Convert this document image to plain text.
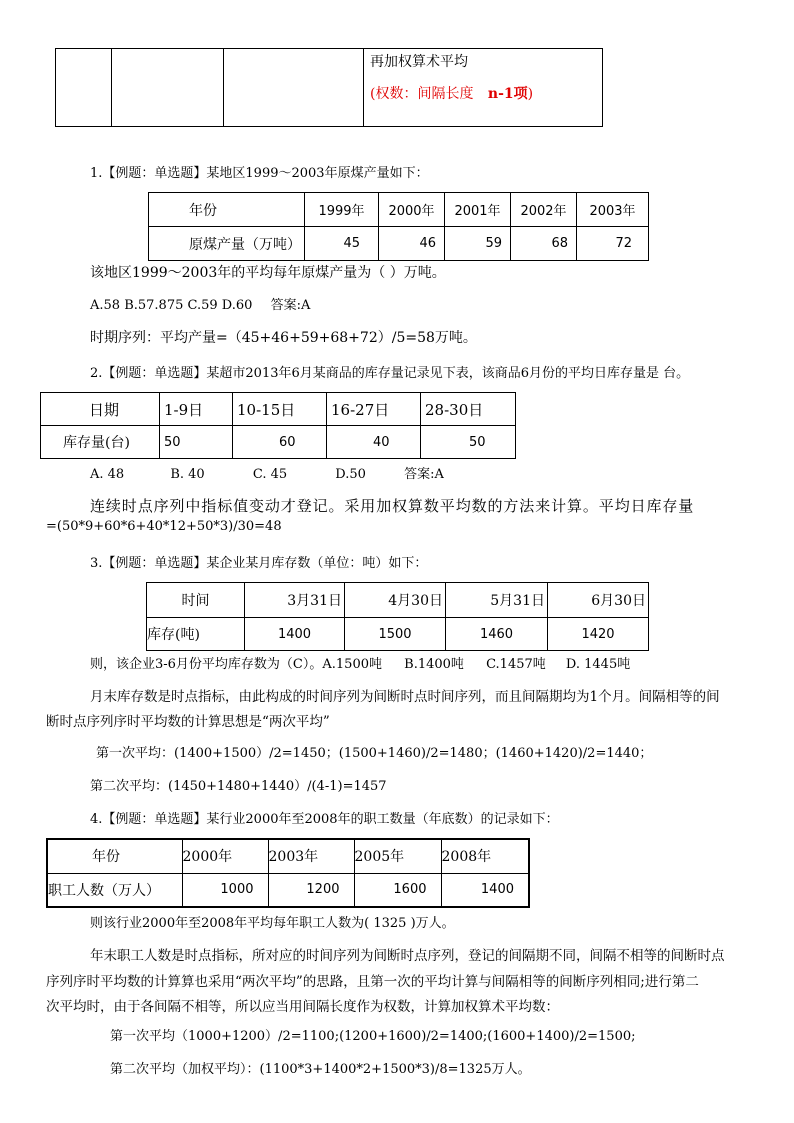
再加权算术平均
(权数：间隔长度 n-1项)
1.【例题：单选题】某地区1999～2003年原煤产量如下：
年份	1999年	2000年	2001年	2002年	2003年
原煤产量（万吨）	45	46	59	68	72
该地区1999～2003年的平均每年原煤产量为（ ）万吨。
A.58 B.57.875 C.59 D.60 答案:A
时期序列：平均产量=（45+46+59+68+72）/5=58万吨。
2.【例题：单选题】某超市2013年6月某商品的库存量记录见下表，该商品6月份的平均日库存量是 台。
日期	1-9日	10-15日	16-27日	28-30日
库存量(台)	50	60	40	50
A. 48	B. 40	C. 45	D.50	答案:A
连续时点序列中指标值变动才登记。采用加权算数平均数的方法来计算。平均日库存量
=(50*9+60*6+40*12+50*3)/30=48
3.【例题：单选题】某企业某月库存数（单位：吨）如下：
时间	3月31日	4月30日	5月31日	6月30日
库存(吨)	1400	1500	1460	1420
则，该企业3-6月份平均库存数为（C）。A.1500吨 B.1400吨 C.1457吨 D. 1445吨
月末库存数是时点指标，由此构成的时间序列为间断时点时间序列，而且间隔期均为1个月。间隔相等的间
断时点序列序时平均数的计算思想是“两次平均”
第一次平均：(1400+1500）/2=1450；(1500+1460)/2=1480；(1460+1420)/2=1440；
第二次平均：(1450+1480+1440）/(4-1)=1457
4.【例题：单选题】某行业2000年至2008年的职工数量（年底数）的记录如下：
年份	2000年	2003年	2005年	2008年
职工人数（万人）	1000	1200	1600	1400
则该行业2000年至2008年平均每年职工人数为( 1325 )万人。
年末职工人数是时点指标，所对应的时间序列为间断时点序列，登记的间隔期不同，间隔不相等的间断时点
序列序时平均数的计算算也采用“两次平均”的思路，且第一次的平均计算与间隔相等的间断序列相同;进行第二
次平均时，由于各间隔不相等，所以应当用间隔长度作为权数，计算加权算术平均数：
第一次平均（1000+1200）/2=1100;(1200+1600)/2=1400;(1600+1400)/2=1500;
第二次平均（加权平均）：(1100*3+1400*2+1500*3)/8=1325万人。
